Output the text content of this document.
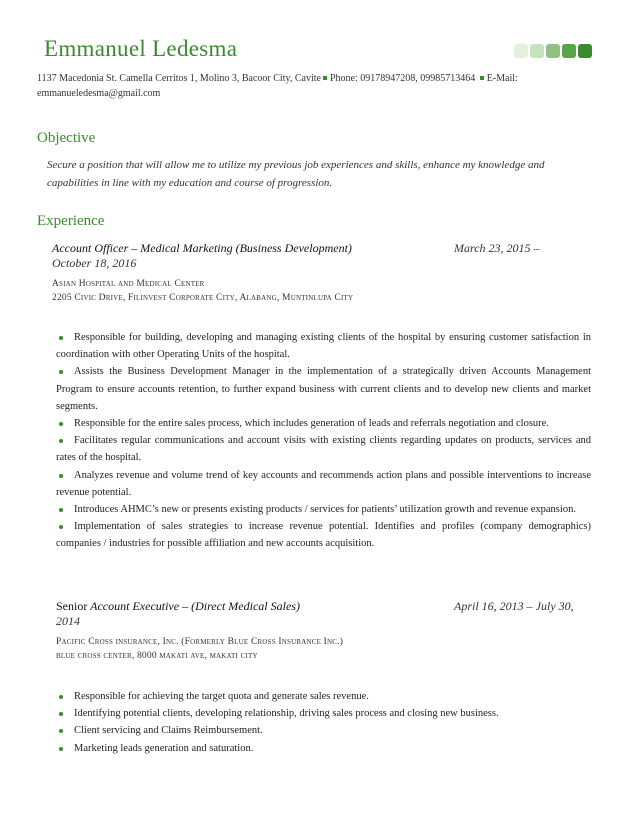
Emmanuel Ledesma
1137 Macedonia St. Camella Cerritos 1, Molino 3, Bacoor City, Cavite Phone: 09178947208, 09985713464 E-Mail:
emmanueledesma@gmail.com
Objective
Secure a position that will allow me to utilize my previous job experiences and skills, enhance my knowledge and capabilities in line with my education and course of progression.
Experience
Account Officer – Medical Marketing (Business Development)	March 23, 2015 –
October 18, 2016
Asian Hospital and Medical Center
2205 Civic Drive, Filinvest Corporate City, Alabang, Muntinlupa City
Responsible for building, developing and managing existing clients of the hospital by ensuring customer satisfaction in coordination with other Operating Units of the hospital.
Assists the Business Development Manager in the implementation of a strategically driven Accounts Management Program to ensure accounts retention, to further expand business with current clients and to develop new clients and market segments.
Responsible for the entire sales process, which includes generation of leads and referrals negotiation and closure.
Facilitates regular communications and account visits with existing clients regarding updates on products, services and rates of the hospital.
Analyzes revenue and volume trend of key accounts and recommends action plans and possible interventions to increase revenue potential.
Introduces AHMC’s new or presents existing products / services for patients’ utilization growth and revenue expansion.
Implementation of sales strategies to increase revenue potential. Identifies and profiles (company demographics) companies / industries for possible affiliation and new accounts acquisition.
Senior Account Executive – (Direct Medical Sales)	April 16, 2013 – July 30,
2014
Pacific Cross insurance, Inc. (Formerly Blue Cross Insurance Inc.)
blue cross center, 8000 makati ave, makati city
Responsible for achieving the target quota and generate sales revenue.
Identifying potential clients, developing relationship, driving sales process and closing new business.
Client servicing and Claims Reimbursement.
Marketing leads generation and saturation.
